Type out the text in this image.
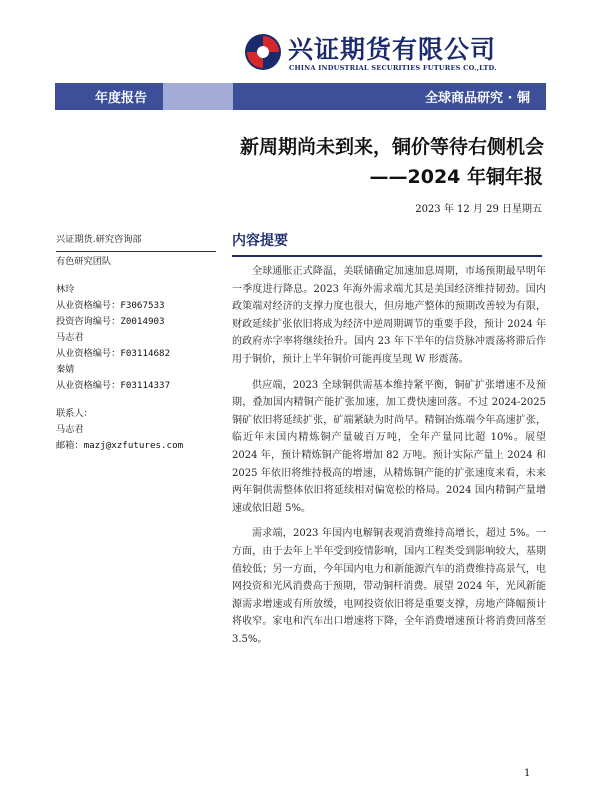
兴证期货有限公司
CHINA INDUSTRIAL SECURITIES FUTURES CO.,LTD.
年度报告	全球商品研究 · 铜
新周期尚未到来，铜价等待右侧机会
——2024 年铜年报
2023 年 12 月 29 日星期五
兴证期货.研究咨询部
有色研究团队
林玲
从业资格编号：F3067533
投资咨询编号：Z0014903
马志君
从业资格编号：F03114682
秦婧
从业资格编号：F03114337
联系人：
马志君
邮箱：mazj@xzfutures.com
内容提要

全球通胀正式降温，美联储确定加速加息周期，市场预期最早明年一季度进行降息。2023 年海外需求端尤其是美国经济维持韧劲。国内政策端对经济的支撑力度也很大，但房地产整体的预期改善较为有限，财政延续扩张依旧将成为经济中逆周期调节的重要手段，预计 2024 年的政府赤字率将继续抬升。国内 23 年下半年的信贷脉冲震荡将滞后作用于铜价，预计上半年铜价可能再度呈现 W 形震荡。

供应端，2023 全球铜供需基本维持紧平衡，铜矿扩张增速不及预期，叠加国内精铜产能扩张加速，加工费快速回落。不过 2024-2025 铜矿依旧将延续扩张，矿端紧缺为时尚早。精铜冶炼端今年高速扩张，临近年末国内精炼铜产量破百万吨，全年产量同比超 10%。展望 2024 年，预计精炼铜产能将增加 82 万吨。预计实际产量上 2024 和 2025 年依旧将维持极高的增速，从精炼铜产能的扩张速度来看，未来两年铜供需整体依旧将延续相对偏宽松的格局。2024 国内精铜产量增速或依旧超 5%。

需求端，2023 年国内电解铜表观消费维持高增长，超过 5%。一方面，由于去年上半年受到疫情影响，国内工程类受到影响较大，基期值较低；另一方面，今年国内电力和新能源汽车的消费维持高景气，电网投资和光风消费高于预期，带动铜杆消费。展望 2024 年，光风新能源需求增速或有所放缓，电网投资依旧将是重要支撑，房地产降幅预计将收窄。家电和汽车出口增速将下降，全年消费增速预计将消费回落至 3.5%。

1
